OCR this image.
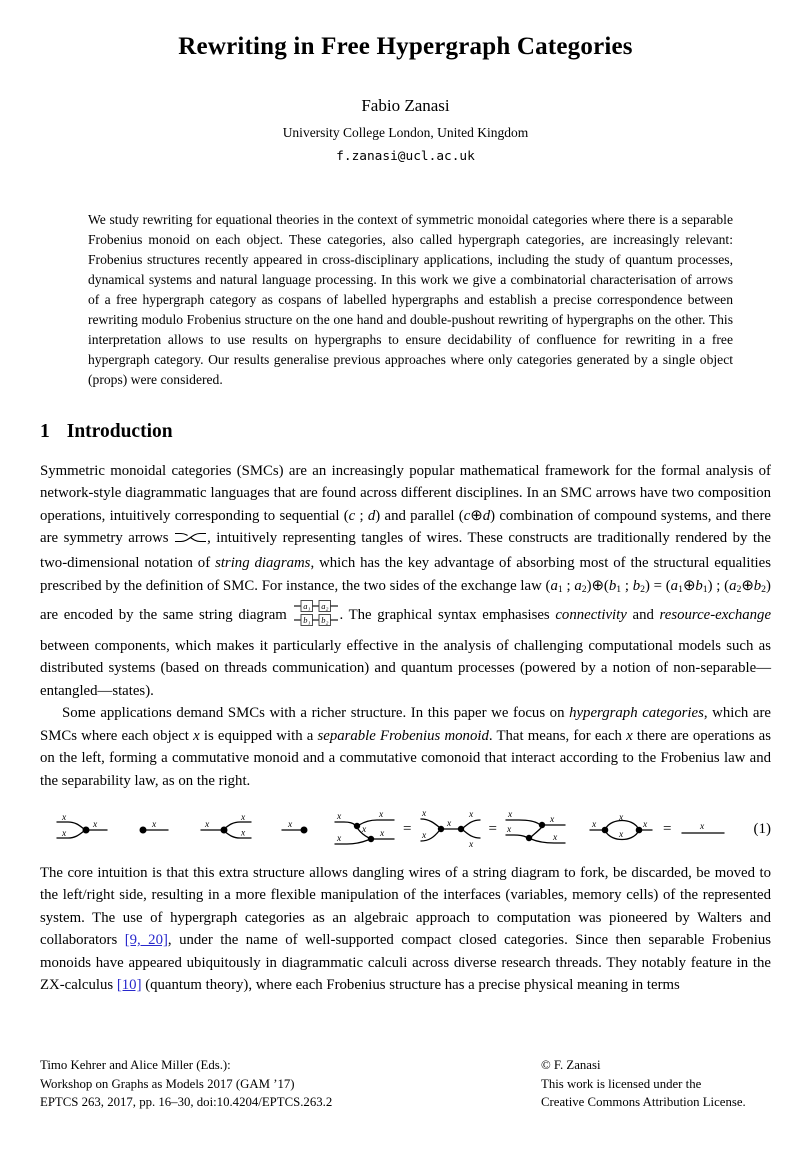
Rewriting in Free Hypergraph Categories
Fabio Zanasi
University College London, United Kingdom
f.zanasi@ucl.ac.uk
We study rewriting for equational theories in the context of symmetric monoidal categories where there is a separable Frobenius monoid on each object. These categories, also called hypergraph categories, are increasingly relevant: Frobenius structures recently appeared in cross-disciplinary applications, including the study of quantum processes, dynamical systems and natural language processing. In this work we give a combinatorial characterisation of arrows of a free hypergraph category as cospans of labelled hypergraphs and establish a precise correspondence between rewriting modulo Frobenius structure on the one hand and double-pushout rewriting of hypergraphs on the other. This interpretation allows to use results on hypergraphs to ensure decidability of confluence for rewriting in a free hypergraph category. Our results generalise previous approaches where only categories generated by a single object (props) were considered.
1 Introduction

Symmetric monoidal categories (SMCs) are an increasingly popular mathematical framework for the formal analysis of network-style diagrammatic languages that are found across different disciplines. In an SMC arrows have two composition operations, intuitively corresponding to sequential (c ; d) and parallel (c⊕d) combination of compound systems, and there are symmetry arrows , intuitively representing tangles of wires. These constructs are traditionally rendered by the two-dimensional notation of string diagrams, which has the key advantage of absorbing most of the structural equalities prescribed by the definition of SMC. For instance, the two sides of the exchange law (a1 ; a2)⊕(b1 ; b2) = (a1⊕b1) ; (a2⊕b2) are encoded by the same string diagram
a₁ a₂
b₁ b₂ . The graphical syntax emphasises connectivity and resource-exchange between components, which makes it particularly effective in the analysis of challenging computational models such as distributed systems (based on threads communication) and quantum processes (powered by a notion of non-separable—entangled—states).

Some applications demand SMCs with a richer structure. In this paper we focus on hypergraph categories, which are SMCs where each object x is equipped with a separable Frobenius monoid. That means, for each x there are operations as on the left, forming a commutative monoid and a commutative comonoid that interact according to the Frobenius law and the separability law, as on the right.

x
x
x	x	x
x
x
x
x	x
x
x	x =
x
x
x
x
x
=
x	x
x
x
x
x
x
x =	x	(1)

The core intuition is that this extra structure allows dangling wires of a string diagram to fork, be discarded, be moved to the left/right side, resulting in a more flexible manipulation of the interfaces (variables, memory cells) of the represented system. The use of hypergraph categories as an algebraic approach to computation was pioneered by Walters and collaborators [9, 20], under the name of well-supported compact closed categories. Since then separable Frobenius monoids have appeared ubiquitously in diagrammatic calculi across diverse research threads. They notably feature in the ZX-calculus [10] (quantum theory), where each Frobenius structure has a precise physical meaning in terms

Timo Kehrer and Alice Miller (Eds.):
Workshop on Graphs as Models 2017 (GAM ’17)
EPTCS 263, 2017, pp. 16–30, doi:10.4204/EPTCS.263.2
© F. Zanasi
This work is licensed under the
Creative Commons Attribution License.
